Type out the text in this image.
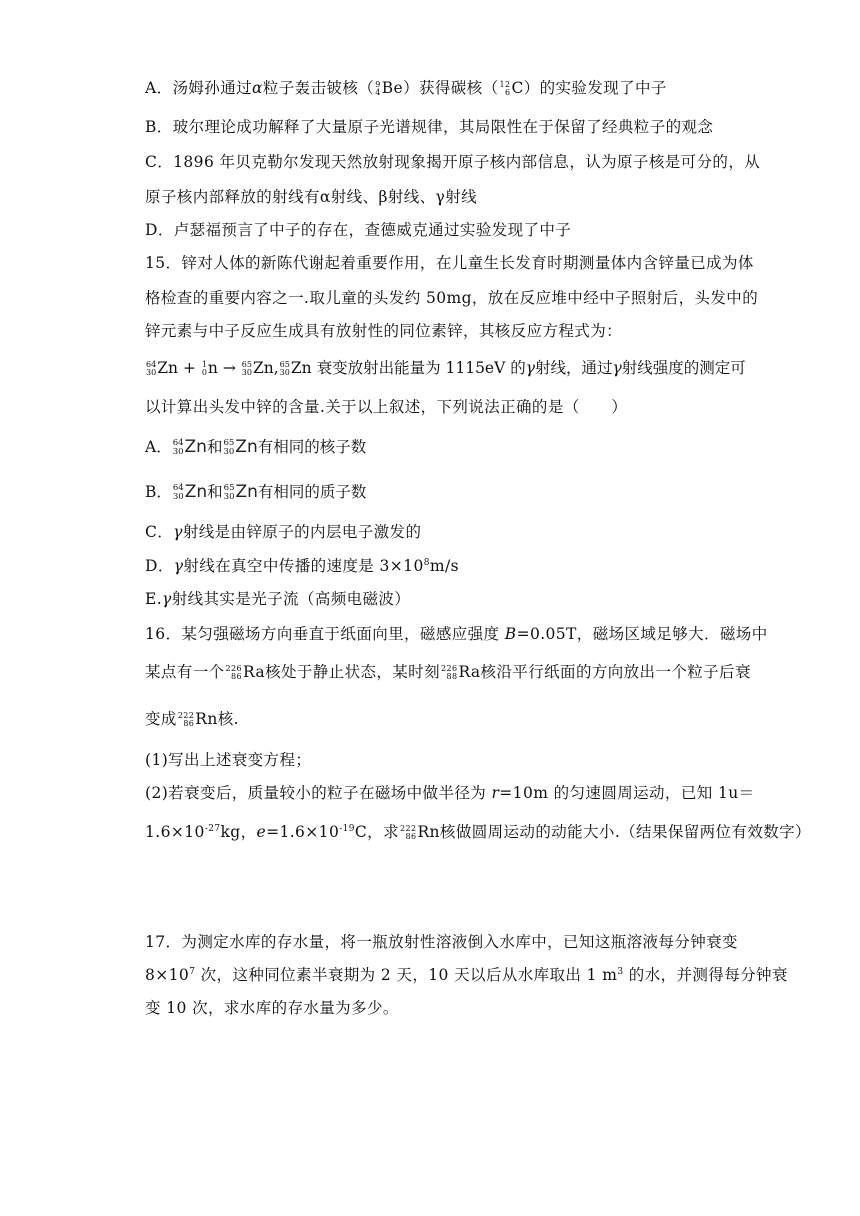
A．汤姆孙通过α粒子轰击铍核（ 9
4 Be）获得碳核（ 12
6 C）的实验发现了中子
B．玻尔理论成功解释了大量原子光谱规律，其局限性在于保留了经典粒子的观念
C．1896 年贝克勒尔发现天然放射现象揭开原子核内部信息，认为原子核是可分的，从
原子核内部释放的射线有α射线、β射线、γ射线
D．卢瑟福预言了中子的存在，查德威克通过实验发现了中子
15．锌对人体的新陈代谢起着重要作用，在儿童生长发育时期测量体内含锌量已成为体
格检查的重要内容之一.取儿童的头发约 50mg，放在反应堆中经中子照射后，头发中的
锌元素与中子反应生成具有放射性的同位素锌，其核反应方程式为：
64
30 Zn + 1
0 n → 65
30 Zn, 65
30 Zn 衰变放射出能量为 1115eV 的γ射线，通过γ射线强度的测定可
以计算出头发中锌的含量.关于以上叙述，下列说法正确的是（　　）
A． 64
30 Zn和 65
30 Zn有相同的核子数
B． 64
30 Zn和 65
30 Zn有相同的质子数
C．γ射线是由锌原子的内层电子激发的
D．γ射线在真空中传播的速度是 $3\times 10^8m/s$
E.γ射线其实是光子流（高频电磁波）
16．某匀强磁场方向垂直于纸面向里，磁感应强度 B=0.05T，磁场区域足够大．磁场中
某点有一个 226
86 Ra核处于静止状态，某时刻 226
88 Ra核沿平行纸面的方向放出一个粒子后衰
变成 222
86 Rn核.
(1)写出上述衰变方程；
(2)若衰变后，质量较小的粒子在磁场中做半径为 r=10m 的匀速圆周运动，已知 1u＝
$1.6\times 10^{-27}kg$，$e=1.6\times 10^{-19}C$，求 222
86 Rn核做圆周运动的动能大小.（结果保留两位有效数字）
17．为测定水库的存水量，将一瓶放射性溶液倒入水库中，已知这瓶溶液每分钟衰变
$8\times 10^7$ 次，这种同位素半衰期为 2 天，10 天以后从水库取出 1 $m^3$ 的水，并测得每分钟衰
变 10 次，求水库的存水量为多少。
